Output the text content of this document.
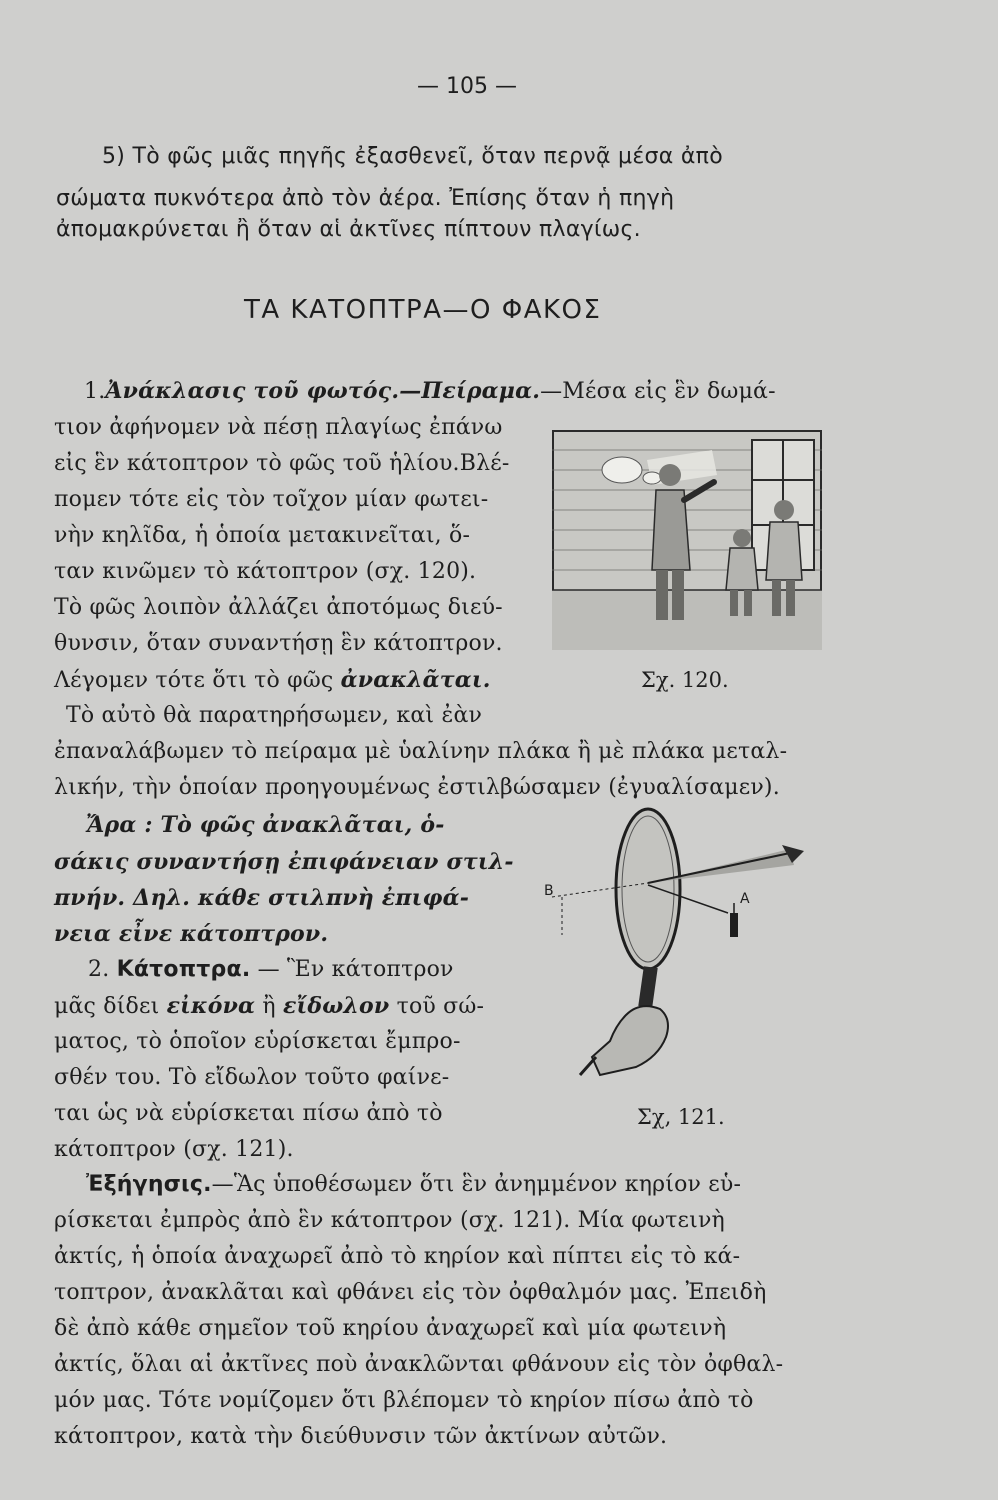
— 105 —
5) Τὸ φῶς μιᾶς πηγῆς ἐξασθενεῖ, ὅταν περνᾷ μέσα ἀπὸ
σώματα πυκνότερα ἀπὸ τὸν ἀέρα. Ἐπίσης ὅταν ἡ πηγὴ
ἀπομακρύνεται ἢ ὅταν αἱ ἀκτῖνες πίπτουν πλαγίως.
ΤΑ ΚΑΤΟΠΤΡΑ—Ο ΦΑΚΟΣ
1.Ἀνάκλασις τοῦ φωτός.—Πείραμα.—Μέσα εἰς ἓν δωμά-
τιον ἀφήνομεν νὰ πέσῃ πλαγίως ἐπάνω
εἰς ἓν κάτοπτρον τὸ φῶς τοῦ ἡλίου.Βλέ-
πομεν τότε εἰς τὸν τοῖχον μίαν φωτει-
νὴν κηλῖδα, ἡ ὁποία μετακινεῖται, ὅ-
ταν κινῶμεν τὸ κάτοπτρον (σχ. 120).
Τὸ φῶς λοιπὸν ἀλλάζει ἀποτόμως διεύ-
θυνσιν, ὅταν συναντήσῃ ἓν κάτοπτρον.
Λέγομεν τότε ὅτι τὸ φῶς ἀνακλᾶται.
Τὸ αὐτὸ θὰ παρατηρήσωμεν, καὶ ἐὰν
ἐπαναλάβωμεν τὸ πείραμα μὲ ὑαλίνην πλάκα ἢ μὲ πλάκα μεταλ-
λικήν, τὴν ὁποίαν προηγουμένως ἐστιλβώσαμεν (ἐγυαλίσαμεν).
Σχ. 120.
Ἄρα : Τὸ φῶς ἀνακλᾶται, ὁ-
σάκις συναντήσῃ ἐπιφάνειαν στιλ-
πνήν. Δηλ. κάθε στιλπνὴ ἐπιφά-
νεια εἶνε κάτοπτρον.
2. Κάτοπτρα. — Ἓν κάτοπτρον
μᾶς δίδει εἰκόνα ἢ εἴδωλον τοῦ σώ-
ματος, τὸ ὁποῖον εὑρίσκεται ἔμπρο-
σθέν του. Τὸ εἴδωλον τοῦτο φαίνε-
ται ὡς νὰ εὑρίσκεται πίσω ἀπὸ τὸ
κάτοπτρον (σχ. 121).
Β	Α
Σχ, 121.
Ἐξήγησις.—Ἃς ὑποθέσωμεν ὅτι ἓν ἀνημμένον κηρίον εὑ-
ρίσκεται ἐμπρὸς ἀπὸ ἓν κάτοπτρον (σχ. 121). Μία φωτεινὴ
ἀκτίς, ἡ ὁποία ἀναχωρεῖ ἀπὸ τὸ κηρίον καὶ πίπτει εἰς τὸ κά-
τοπτρον, ἀνακλᾶται καὶ φθάνει εἰς τὸν ὀφθαλμόν μας. Ἐπειδὴ
δὲ ἀπὸ κάθε σημεῖον τοῦ κηρίου ἀναχωρεῖ καὶ μία φωτεινὴ
ἀκτίς, ὅλαι αἱ ἀκτῖνες ποὺ ἀνακλῶνται φθάνουν εἰς τὸν ὀφθαλ-
μόν μας. Τότε νομίζομεν ὅτι βλέπομεν τὸ κηρίον πίσω ἀπὸ τὸ
κάτοπτρον, κατὰ τὴν διεύθυνσιν τῶν ἀκτίνων αὐτῶν.
